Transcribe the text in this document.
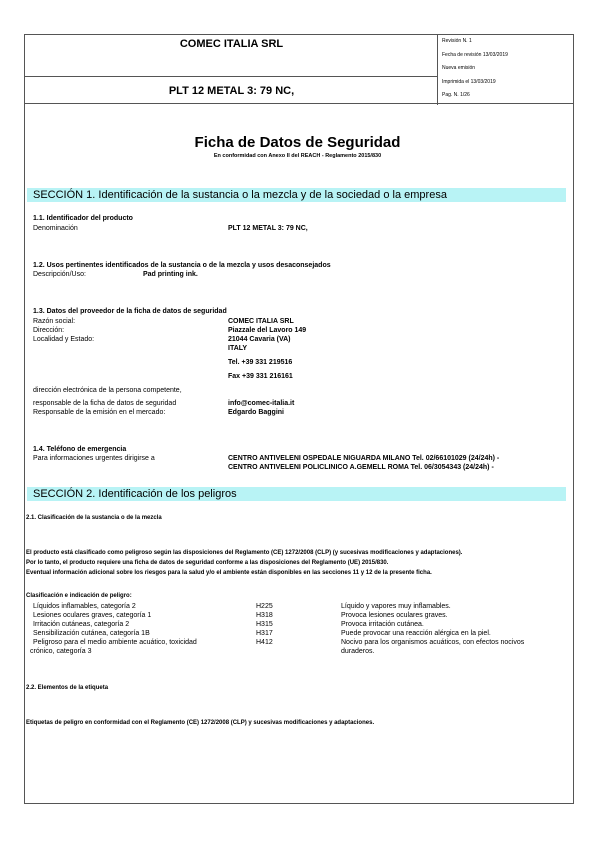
COMEC ITALIA SRL
PLT 12 METAL 3: 79 NC,
Revisión N. 1
Fecha de revisión 13/03/2019
Nueva emisión
Imprimida el 13/03/2019
Pag. N. 1/26
Ficha de Datos de Seguridad
En conformidad con Anexo II del REACH - Reglamento 2015/830
SECCIÓN 1. Identificación de la sustancia o la mezcla y de la sociedad o la empresa
1.1. Identificador del producto
Denominación	PLT 12 METAL 3: 79 NC,
1.2. Usos pertinentes identificados de la sustancia o de la mezcla y usos desaconsejados
Descripción/Uso:	Pad printing ink.
1.3. Datos del proveedor de la ficha de datos de seguridad
Razón social:	COMEC ITALIA SRL
Dirección:	Piazzale del Lavoro 149
Localidad y Estado:	21044 Cavaria (VA)
ITALY
Tel. +39 331 219516
Fax +39 331 216161
dirección electrónica de la persona competente,
responsable de la ficha de datos de seguridad	info@comec-italia.it
Responsable de la emisión en el mercado:	Edgardo Baggini
1.4. Teléfono de emergencia
Para informaciones urgentes dirigirse a	CENTRO ANTIVELENI OSPEDALE NIGUARDA MILANO Tel. 02/66101029 (24/24h) -
CENTRO ANTIVELENI POLICLINICO A.GEMELL ROMA Tel. 06/3054343 (24/24h) -
SECCIÓN 2. Identificación de los peligros
2.1. Clasificación de la sustancia o de la mezcla
El producto está clasificado como peligroso según las disposiciones del Reglamento (CE) 1272/2008 (CLP) (y sucesivas modificaciones y adaptaciones).
Por lo tanto, el producto requiere una ficha de datos de seguridad conforme a las disposiciones del Reglamento (UE) 2015/830.
Eventual información adicional sobre los riesgos para la salud y/o el ambiente están disponibles en las secciones 11 y 12 de la presente ficha.
Clasificación e indicación de peligro:
Líquidos inflamables, categoría 2	H225	Líquido y vapores muy inflamables.
Lesiones oculares graves, categoría 1	H318	Provoca lesiones oculares graves.
Irritación cutáneas, categoría 2	H315	Provoca irritación cutánea.
Sensibilización cutánea, categoría 1B	H317	Puede provocar una reacción alérgica en la piel.
Peligroso para el medio ambiente acuático, toxicidad	H412	Nocivo para los organismos acuáticos, con efectos nocivos
crónico, categoría 3	duraderos.
2.2. Elementos de la etiqueta
Etiquetas de peligro en conformidad con el Reglamento (CE) 1272/2008 (CLP) y sucesivas modificaciones y adaptaciones.
